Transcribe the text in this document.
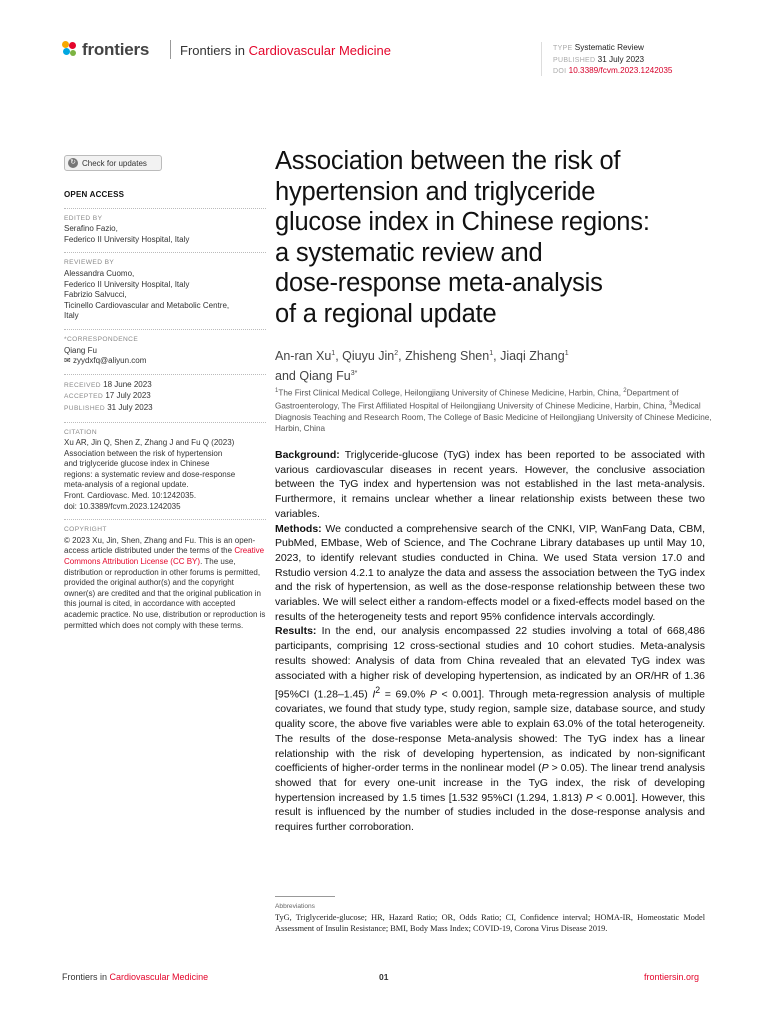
frontiers Frontiers in Cardiovascular Medicine	TYPE Systematic Review
PUBLISHED 31 July 2023
DOI 10.3389/fcvm.2023.1242035
↻ Check for updates
OPEN ACCESS
EDITED BY
Serafino Fazio,
Federico II University Hospital, Italy
REVIEWED BY
Alessandra Cuomo,
Federico II University Hospital, Italy
Fabrizio Salvucci,
Ticinello Cardiovascular and Metabolic Centre,
Italy
*CORRESPONDENCE
Qiang Fu
✉ zyydxfq@aliyun.com
RECEIVED 18 June 2023
ACCEPTED 17 July 2023
PUBLISHED 31 July 2023
CITATION
Xu AR, Jin Q, Shen Z, Zhang J and Fu Q (2023)
Association between the risk of hypertension
and triglyceride glucose index in Chinese
regions: a systematic review and dose-response
meta-analysis of a regional update.
Front. Cardiovasc. Med. 10:1242035.
doi: 10.3389/fcvm.2023.1242035
COPYRIGHT
© 2023 Xu, Jin, Shen, Zhang and Fu. This is an open-access article distributed under the terms of the Creative Commons Attribution License (CC BY). The use, distribution or reproduction in other forums is permitted, provided the original author(s) and the copyright owner(s) are credited and that the original publication in this journal is cited, in accordance with accepted academic practice. No use, distribution or reproduction is permitted which does not comply with these terms.
Association between the risk of
hypertension and triglyceride
glucose index in Chinese regions:
a systematic review and
dose-response meta-analysis
of a regional update
An-ran Xu$^1$, Qiuyu Jin$^2$, Zhisheng Shen$^1$, Jiaqi Zhang$^1$
and Qiang $Fu^{3*}$
$^1$The First Clinical Medical College, Heilongjiang University of Chinese Medicine, Harbin, China, $^2$Department of Gastroenterology, The First Affiliated Hospital of Heilongjiang University of Chinese Medicine, Harbin, China, $^3$Medical Diagnosis Teaching and Research Room, The College of Basic Medicine of Heilongjiang University of Chinese Medicine, Harbin, China

Background: Triglyceride-glucose (TyG) index has been reported to be associated with various cardiovascular diseases in recent years. However, the conclusive association between the TyG index and hypertension was not established in the last meta-analysis. Furthermore, it remains unclear whether a linear relationship exists between these two variables.

Methods: We conducted a comprehensive search of the CNKI, VIP, WanFang Data, CBM, PubMed, EMbase, Web of Science, and The Cochrane Library databases up until May 10, 2023, to identify relevant studies conducted in China. We used Stata version 17.0 and Rstudio version 4.2.1 to analyze the data and assess the association between the TyG index and the risk of hypertension, as well as the dose-response relationship between these two variables. We will select either a random-effects model or a fixed-effects model based on the results of the heterogeneity tests and report 95% confidence intervals accordingly.

Results: In the end, our analysis encompassed 22 studies involving a total of 668,486 participants, comprising 12 cross-sectional studies and 10 cohort studies. Meta-analysis results showed: Analysis of data from China revealed that an elevated TyG index was associated with a higher risk of developing hypertension, as indicated by an OR/HR of 1.36 [95%CI (1.28–1.45) $I^2 = 69.0\%$ P < 0.001]. Through meta-regression analysis of multiple covariates, we found that study type, study region, sample size, database source, and study quality score, the above five variables were able to explain 63.0% of the total heterogeneity. The results of the dose-response Meta-analysis showed: The TyG index has a linear relationship with the risk of developing hypertension, as indicated by non-significant coefficients of higher-order terms in the nonlinear model (P > 0.05). The linear trend analysis showed that for every one-unit increase in the TyG index, the risk of developing hypertension increased by 1.5 times [1.532 95%CI (1.294, 1.813) P < 0.001]. However, this result is influenced by the number of studies included in the dose-response analysis and requires further corroboration.

Abbreviations
TyG, Triglyceride-glucose; HR, Hazard Ratio; OR, Odds Ratio; CI, Confidence interval; HOMA-IR, Homeostatic Model Assessment of Insulin Resistance; BMI, Body Mass Index; COVID-19, Corona Virus Disease 2019.
Frontiers in Cardiovascular Medicine	01	frontiersin.org
